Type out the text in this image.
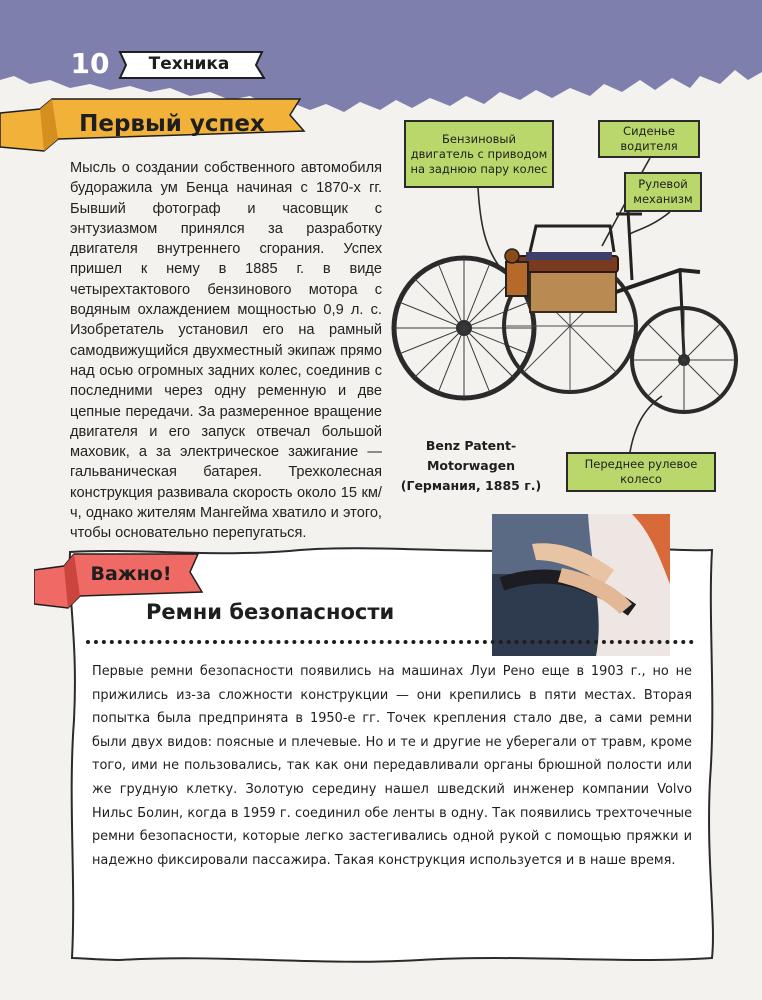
10	Техника
Первый успех
Мысль о создании собственного автомобиля будоражила ум Бенца начиная с 1870-х гг. Бывший фотограф и часовщик с энтузиазмом принялся за разработку двигателя внутреннего сгорания. Успех пришел к нему в 1885 г. в виде четырехтактового бензинового мотора с водяным охлаждением мощностью 0,9 л. с. Изобретатель установил его на рамный самодвижущийся двухместный экипаж прямо над осью огромных задних колес, соединив с последними через одну ременную и две цепные передачи. За размеренное вращение двигателя и его запуск отвечал большой маховик, а за электрическое зажигание — гальваническая батарея. Трехколесная конструкция развивала скорость около 15 км/ч, однако жителям Мангейма хватило и этого, чтобы основательно перепугаться.
Бензиновый двигатель с приводом на заднюю пару колес
Сиденье водителя
Рулевой механизм
Переднее рулевое колесо
Benz Patent-Motorwagen (Германия, 1885 г.)
Важно!
Ремни безопасности
Первые ремни безопасности появились на машинах Луи Рено еще в 1903 г., но не прижились из-за сложности конструкции — они крепились в пяти местах. Вторая попытка была предпринята в 1950-е гг. Точек крепления стало две, а сами ремни были двух видов: поясные и плечевые. Но и те и другие не уберегали от травм, кроме того, ими не пользовались, так как они передавливали органы брюшной полости или же грудную клетку. Золотую середину нашел шведский инженер компании Volvo Нильс Болин, когда в 1959 г. соединил обе ленты в одну. Так появились трехточечные ремни безопасности, которые легко застегивались одной рукой с помощью пряжки и надежно фиксировали пассажира. Такая конструкция используется и в наше время.
